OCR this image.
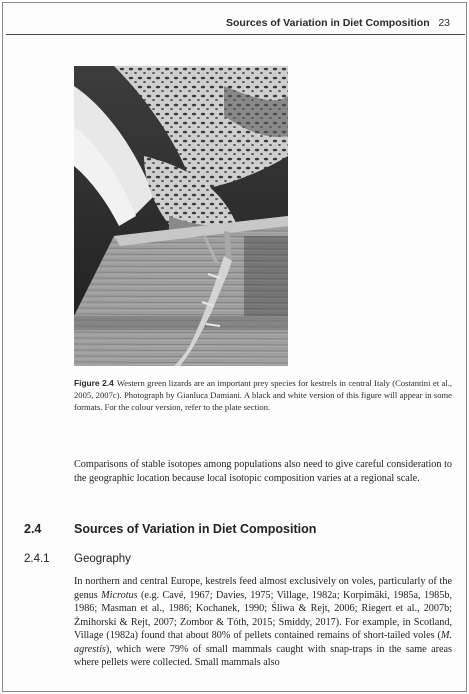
Sources of Variation in Diet Composition 23
Figure 2.4 Western green lizards are an important prey species for kestrels in central Italy (Costantini et al., 2005, 2007c). Photograph by Gianluca Damiani. A black and white version of this figure will appear in some formats. For the colour version, refer to the plate section.

Comparisons of stable isotopes among populations also need to give careful consideration to the geographic location because local isotopic composition varies at a regional scale.

2.4	Sources of Variation in Diet Composition
2.4.1 Geography

In northern and central Europe, kestrels feed almost exclusively on voles, particularly of the genus Microtus (e.g. Cavé, 1967; Davies, 1975; Village, 1982a; Korpimäki, 1985a, 1985b, 1986; Masman et al., 1986; Kochanek, 1990; Śliwa & Rejt, 2006; Riegert et al., 2007b; Żmihorski & Rejt, 2007; Zombor & Tóth, 2015; Smiddy, 2017). For example, in Scotland, Village (1982a) found that about 80% of pellets contained remains of short-tailed voles (M. agrestis), which were 79% of small mammals caught with snap-traps in the same areas where pellets were collected. Small mammals also
